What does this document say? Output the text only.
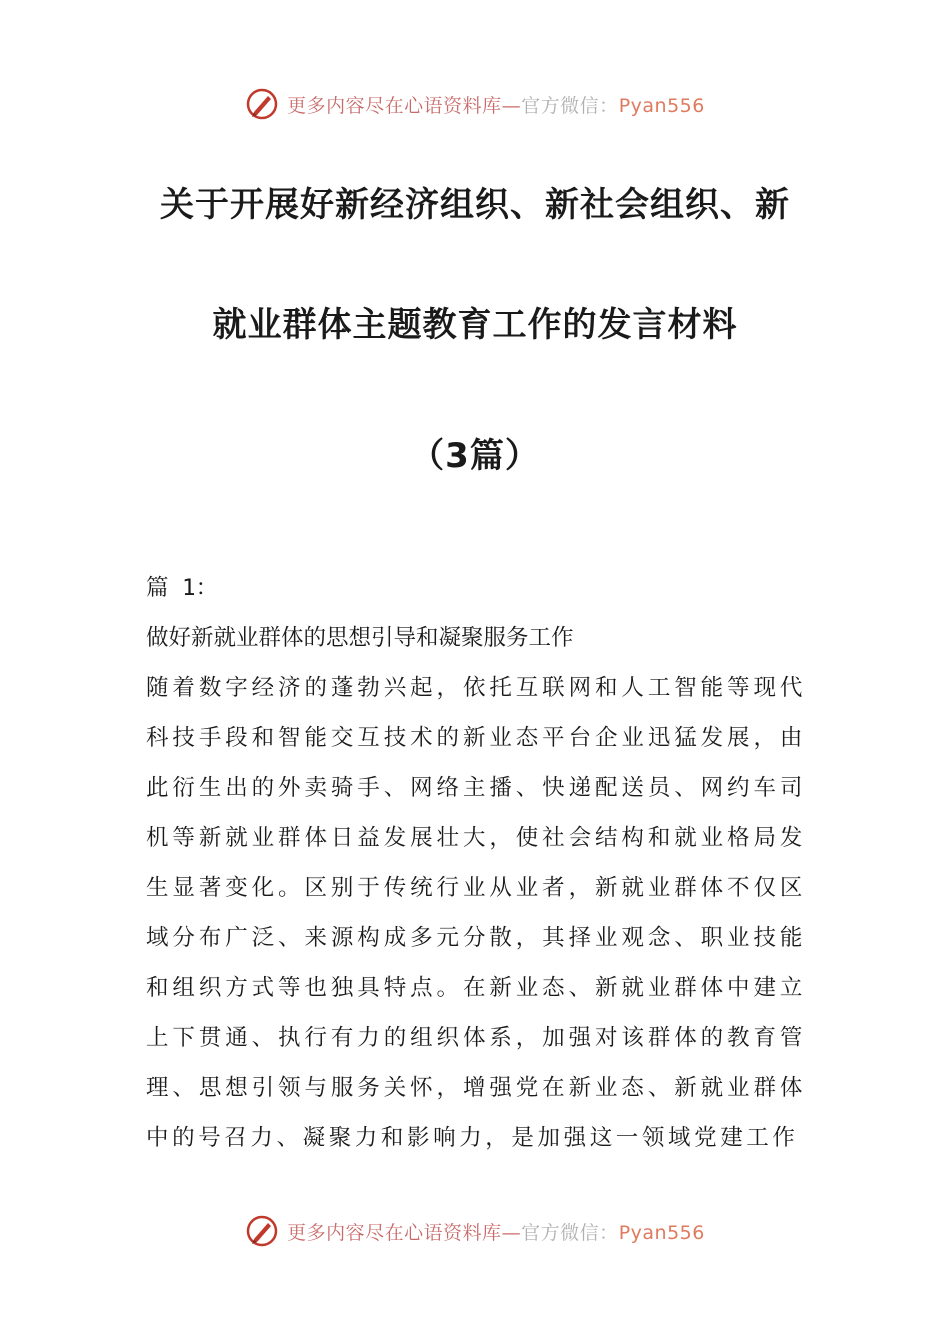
更多内容尽在心语资料库—官方微信：Pyan556
关于开展好新经济组织、新社会组织、新
就业群体主题教育工作的发言材料
（3篇）
篇 1：
做好新就业群体的思想引导和凝聚服务工作
随着数字经济的蓬勃兴起，依托互联网和人工智能等现代科技手段和智能交互技术的新业态平台企业迅猛发展，由此衍生出的外卖骑手、网络主播、快递配送员、网约车司机等新就业群体日益发展壮大，使社会结构和就业格局发生显著变化。区别于传统行业从业者，新就业群体不仅区域分布广泛、来源构成多元分散，其择业观念、职业技能和组织方式等也独具特点。在新业态、新就业群体中建立上下贯通、执行有力的组织体系，加强对该群体的教育管理、思想引领与服务关怀，增强党在新业态、新就业群体中的号召力、凝聚力和影响力，是加强这一领域党建工作
更多内容尽在心语资料库—官方微信：Pyan556
